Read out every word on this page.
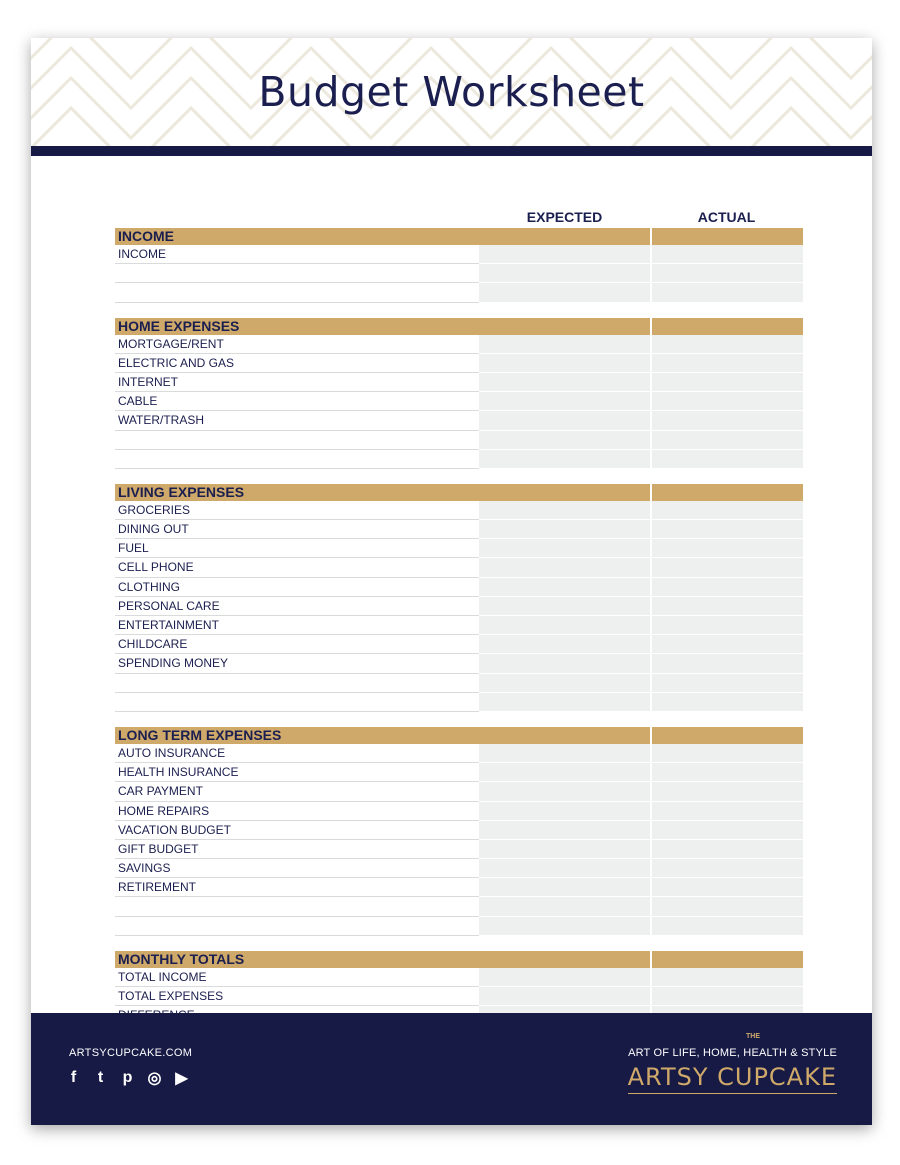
Budget Worksheet
EXPECTED	ACTUAL
INCOME
INCOME
HOME EXPENSES
MORTGAGE/RENT
ELECTRIC AND GAS
INTERNET
CABLE
WATER/TRASH
LIVING EXPENSES
GROCERIES
DINING OUT
FUEL
CELL PHONE
CLOTHING
PERSONAL CARE
ENTERTAINMENT
CHILDCARE
SPENDING MONEY
LONG TERM EXPENSES
AUTO INSURANCE
HEALTH INSURANCE
CAR PAYMENT
HOME REPAIRS
VACATION BUDGET
GIFT BUDGET
SAVINGS
RETIREMENT
MONTHLY TOTALS
TOTAL INCOME
TOTAL EXPENSES
ARTSYCUPCAKE.COM
f	t	p ◎ ▶
THE
ART OF LIFE, HOME, HEALTH & STYLE
ARTSY CUPCAKE
